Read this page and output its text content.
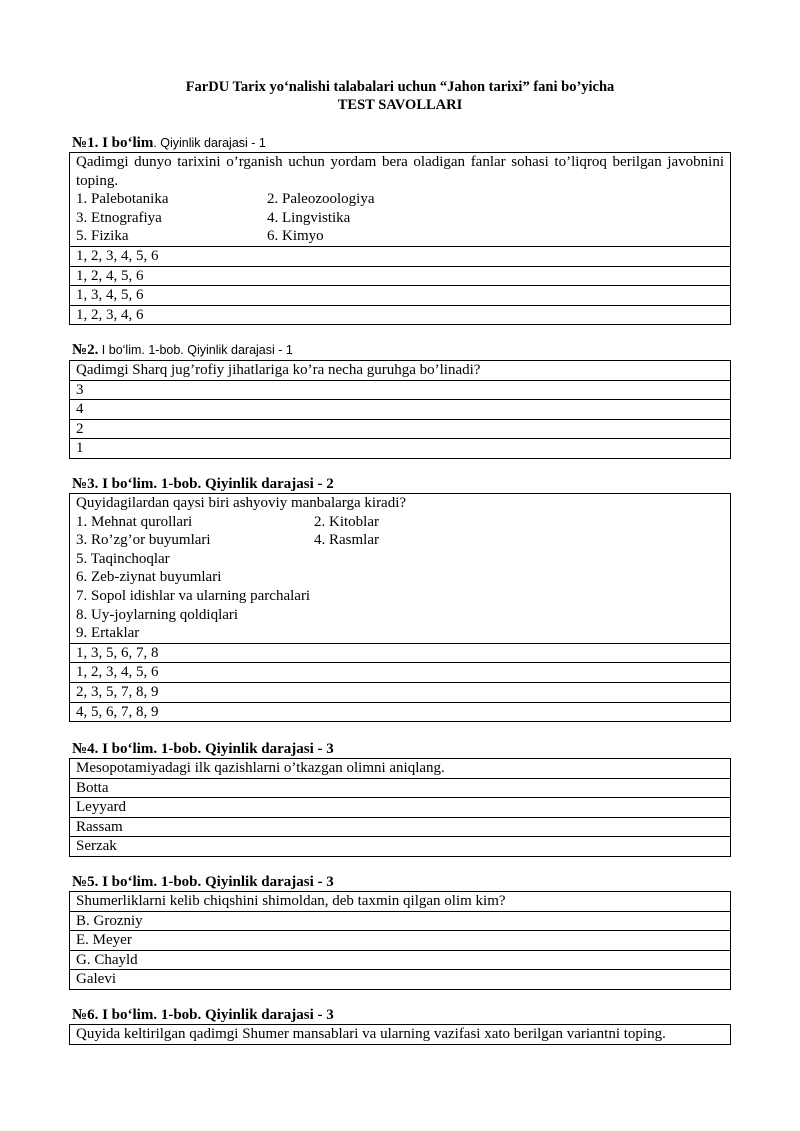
FarDU Tarix yo‘nalishi talabalari uchun “Jahon tarixi” fani bo’yicha
TEST SAVOLLARI
№1. I bo‘lim. Qiyinlik darajasi - 1
Qadimgi dunyo tarixini o’rganish uchun yordam bera oladigan fanlar sohasi to’liqroq berilgan javobnini toping.
1. Palebotanika	2. Paleozoologiya
3. Etnografiya	4. Lingvistika
5. Fizika	6. Kimyo

1, 2, 3, 4, 5, 6
1, 2, 4, 5, 6
1, 3, 4, 5, 6
1, 2, 3, 4, 6
№2. I bo‘lim. 1-bob. Qiyinlik darajasi - 1
Qadimgi Sharq jug’rofiy jihatlariga ko’ra necha guruhga bo’linadi?
3
4
2
1
№3. I bo‘lim. 1-bob. Qiyinlik darajasi - 2
Quyidagilardan qaysi biri ashyoviy manbalarga kiradi?
1. Mehnat qurollari	2. Kitoblar
3. Ro’zg’or buyumlari	4. Rasmlar
5. Taqinchoqlar
6. Zeb-ziynat buyumlari
7. Sopol idishlar va ularning parchalari
8. Uy-joylarning qoldiqlari
9. Ertaklar

1, 3, 5, 6, 7, 8
1, 2, 3, 4, 5, 6
2, 3, 5, 7, 8, 9
4, 5, 6, 7, 8, 9
№4. I bo‘lim. 1-bob. Qiyinlik darajasi - 3
Mesopotamiyadagi ilk qazishlarni o’tkazgan olimni aniqlang.
Botta
Leyyard
Rassam
Serzak
№5. I bo‘lim. 1-bob. Qiyinlik darajasi - 3
Shumerliklarni kelib chiqshini shimoldan, deb taxmin qilgan olim kim?
B. Grozniy
E. Meyer
G. Chayld
Galevi
№6. I bo‘lim. 1-bob. Qiyinlik darajasi - 3
Quyida keltirilgan qadimgi Shumer mansablari va ularning vazifasi xato berilgan variantni toping.
